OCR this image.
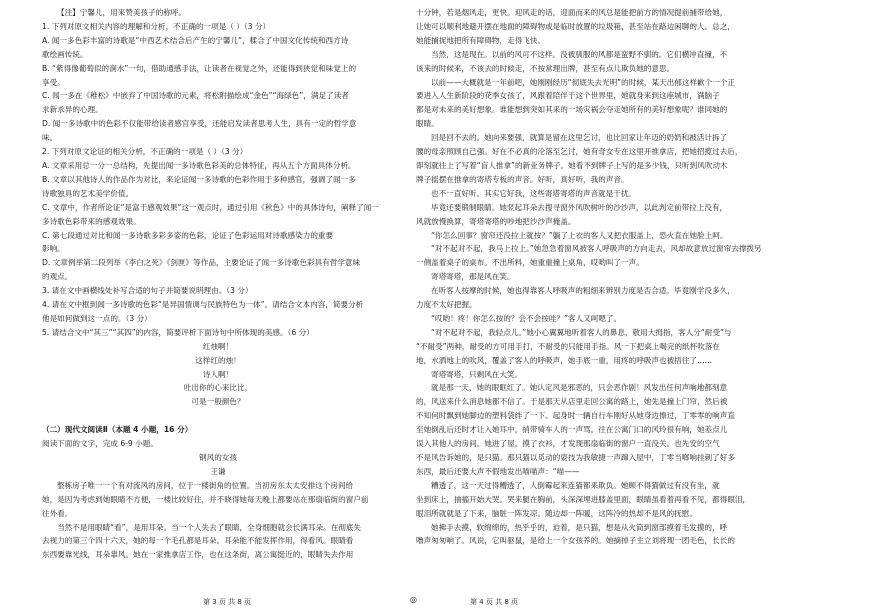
【注】宁馨儿，用来赞美孩子的称呼。

1. 下列对原文相关内容的理解和分析，不正确的一项是（ ）（3 分）

A. 闻一多色彩丰富的诗歌是“中西艺术结合后产生的宁馨儿”，糅合了中国文化传统和西方诗

歌绘画传统。

B. “紫得像葡萄似的涧水”一句，借助通感手法，让读者在视觉之外，还能得到狭觉和味觉上的

享受。

C. 闻一多在《稚松》中嵌弃了中国诗歌的元素，将松附描绘成“金色”“海绿色”，满足了读者

求新求异的心理。

D. 闻一多诗歌中的色彩不仅能带给读者感官享受，还能启发读者思考人生，具有一定的哲学意

味。

2. 下列对原文论证的相关分析，不正确的一项是（ ）（3 分）

A. 文章采用总一分一总结构，先提出闻一多诗歌色彩美的总体特征，再从五个方面具体分析。

B. 文章以其他诗人的作品作为对比，来论证闻一多诗歌的色彩作用于多种感官，强调了闻一多

诗歌独具的艺术美学价值。

C. 文章中，作者所论证“是富于感观效果”这一观点时，通过引用《秋色》中的具体诗句，阐释了闻一

多诗歌色彩带来的感观效果。

C. 第七段通过对比和闻一多诗歌多彩多姿的色彩，论证了色彩运用对诗歌感染力的重要

影响。

D. 文章例举第二段列举《李白之死》《剑匣》等作品，主要论证了闻一多诗歌色彩具有哲学意味

的观点。

3. 请在文中画横线处补写合适的句子并简要说明理由。（3 分）

4. 请在文中框到闻一多诗歌的色彩“是异国情调与民族特色为一体”。请结合文本内容，简要分析

他是如何做到这一点的。（3 分）

5. 请结合文中“其三”“其四”的内容，简要评析下面诗句中所体现的美感。（6 分）

红烛啊！

这样红的烛！

诗人啊！

吐出你的心来比比，

可是一般颜色？

（二）现代文阅读Ⅱ（本题 4 小题，16 分）

阅读下面的文字，完成 6-9 小题。

钢风的女孩

王谦

整栋房子唯一一个有对流风的房间，位于一楼街角的位置。当初房东太太安排这个房间给

她，是因为考虑到她眼睛不方便，一楼比较好住，并不晓得她每天晚上都要站在那扇临街的窗户前

往外看。

当然不是用眼睛“看”，是用耳朵。当一个人失去了眼睛，全身细胞就会长满耳朵。在彻底失

去视力的第三个四十六天，她的每一个毛孔都是耳朵。耳朵能不能发挥作用，得看风。眼睛看

东西要靠光线，耳朵靠风。她在一家推拿店工作，也在这条街，离公寓挺近的，眼睛失去作用

十分钟，若是烟风走，更快。迎风走的话，迎面而来的风总是能把前方的情况提前捕带给她，

让她可以顺利地避开摆在地面的障碍物或是临时放置的垃圾箱，甚至站在路边闲聊的人。总之，

她能捕捉地把所有障碍物，走得飞快。

当然，这是现在。以前的风可不这样。没被驯服的风都是蛮野不驯的。它们横冲直撞，不

该来的时候来，不该去的时候走，不按常理出牌，甚至有点儿欺负她的意思。

以前——大概就是一年前吧，她刚刚经历“彻底失去光明”的时候，某天出郁这样歉个一个正

要进入人生新阶段的花季女孩了，风跟着陪伴于这个世界里，她就身来到这座城市，满脑子

都是对未来的美好想象。谁能想到突如其来的一场灾祸会夺走她所有的美好想象呢？谁同她的

眼睛。

回是回不去的。她向来要强，就算是留在这里乞讨，也比回家让年迈的奶奶和被活计拆了

腰的母亲照顾自己强。好在不必真的沦落至乞讨，她有奇女专在这里开推拿店，把她招揽过去后，

即刻就往上了写着“盲人推拿”的新业务牌子。她看不到牌子上写的是多少钱，只听到风吹动木

牌子摇摆在推拿的寄塔专板的声音。好听，真好听，我的声音。

也不一直好听。其实它好我，这些寄塔寄塔的声音就是干扰。

毕竟还要锻制眼睛。她竖起耳朵去搜寻窗外风吹树叶的沙沙声，以此判定前带拉上没有，

风就放慢换算，寄塔寄塔的吵地把沙沙声掩盖。

“你怎么回事？窗帘还没拉上就按？”躺了上衣的客人又把衣服盖上，恐火直在她脸上呵。

“对不起对不起，我马上拉上。”她急急着窗风被客人呼吸声的方向走去，风却故意放过窗帘去撑拨另

一侧盖着桌子的桌布。不出所料，她重重撞上桌角，哎哟叫了一声。

寄塔寄塔，那是风在笑。

在听客人按摩的时候，她也得靠客人呼吸声的粗细来辨别力度是否合适。毕竟刚学没多久，

力度不太好把握。

“哎哟！疼！你怎么按的？会不会按哇？”客人又呵嗯了。

“对不起对不起，我轻点儿。”她小心翼翼地听着客人的鼻息，敬用大拇指，客人分“耐受”与

“不耐受”两种，耐受的方可用手打，不耐受的只能用手指。风一下把桌上喝完的纸杯吹落在

地，水洒地上的吹风，覆盖了客人的呼吸声，她手底一重，用疼的呼吸声也被捂住了……

寄塔寄塔，只剩风在大笑。

就是那一天，她的眼眶红了。她认定风是邪恶的，只会恶作剧！风发出任何声响地都刻意

的，风送来什么消息她都不信了。于是那天从店里走回公寓的路上，她先是撞上门帘，然后被

不知何时飘到她脚边的塑料袋绊了一下。起身时一辆自行车刚好从她身边擦过，丁零零的响声直

至她倒乱后还时才让入她耳中，捎带骑车人的一声骂。往在公寓门口的风玲很有响，她差点儿

误入其他人的房间。她进了屋，摸了衣衫，才发现那扇临街的窗户一直没关。也先安的空气

不是风告诉她的，是只猫。那只猫以觅动的姿技为我敏捷一声蹿入屋中，丁零当啷响挂刺了好多

东西，最后还要大声不假地发出喵喵声：“喵——

糟透了，这一天过得糟透了，人倒霉起来连猫都来欺负。她顾不得猫做过有没有坐，就

坐到床上，抽搐开始大哭。哭来腿在胸前，头深深埋进膝盖里面，眼睛虽看着再看不见，都得眼泪，

眼泪所就就是了下来，脑脏一阵发凉。随边却一阵暖，这阵冷的热却不是风的抚慰。

她拂手去摸，软绵绵的，热乎乎的，迫着，是只猫，想是从火筒到窗部摸着毛发摸的，呼

噜声匆匆响了。风说，它叫驱鼠，是给上一个女孩养的。她摘掉子主立刘将现一团毛色，长长的

第 3 页 共 8 页	◎	第 4 页 共 8 页
